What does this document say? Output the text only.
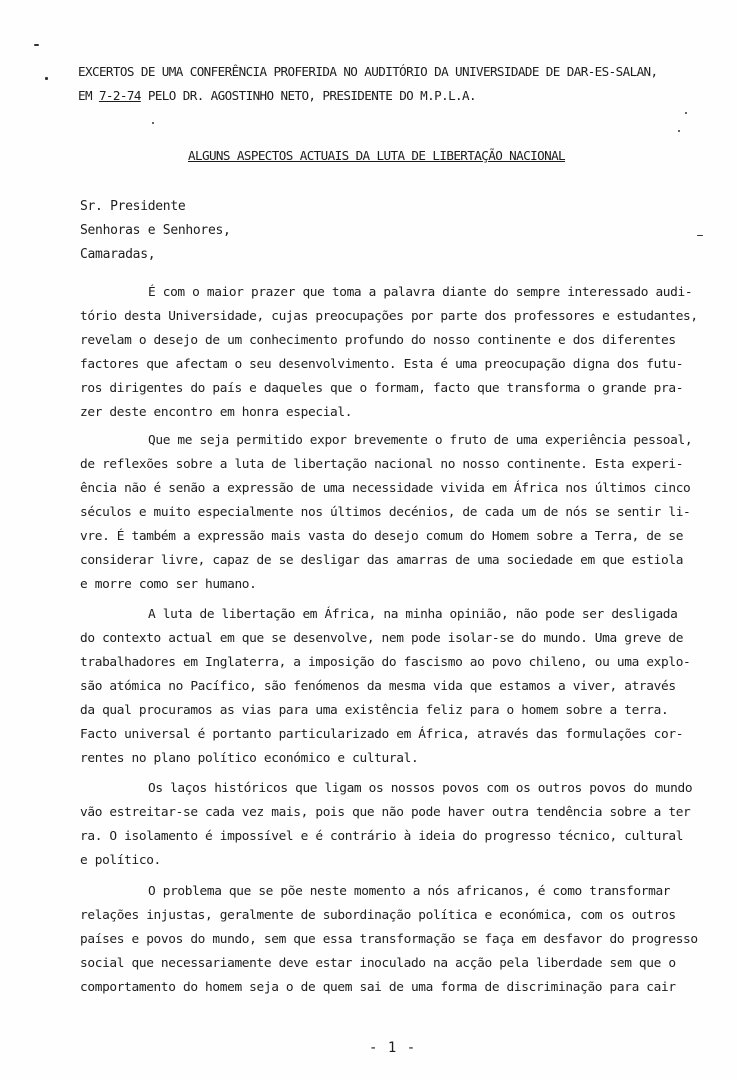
EXCERTOS DE UMA CONFERÊNCIA PROFERIDA NO AUDITÓRIO DA UNIVERSIDADE DE DAR-ES-SALAN,
EM 7-2-74 PELO DR. AGOSTINHO NETO, PRESIDENTE DO M.P.L.A.
ALGUNS ASPECTOS ACTUAIS DA LUTA DE LIBERTAÇÃO NACIONAL
Sr. Presidente
Senhoras e Senhores,
Camaradas,
É com o maior prazer que toma a palavra diante do sempre interessado audi-
tório desta Universidade, cujas preocupações por parte dos professores e estudantes,
revelam o desejo de um conhecimento profundo do nosso continente e dos diferentes
factores que afectam o seu desenvolvimento. Esta é uma preocupação digna dos futu-
ros dirigentes do país e daqueles que o formam, facto que transforma o grande pra-
zer deste encontro em honra especial.
Que me seja permitido expor brevemente o fruto de uma experiência pessoal,
de reflexões sobre a luta de libertação nacional no nosso continente. Esta experi-
ência não é senão a expressão de uma necessidade vivida em África nos últimos cinco
séculos e muito especialmente nos últimos decénios, de cada um de nós se sentir li-
vre. É também a expressão mais vasta do desejo comum do Homem sobre a Terra, de se
considerar livre, capaz de se desligar das amarras de uma sociedade em que estiola
e morre como ser humano.
A luta de libertação em África, na minha opinião, não pode ser desligada
do contexto actual em que se desenvolve, nem pode isolar-se do mundo. Uma greve de
trabalhadores em Inglaterra, a imposição do fascismo ao povo chileno, ou uma explo-
são atómica no Pacífico, são fenómenos da mesma vida que estamos a viver, através
da qual procuramos as vias para uma existência feliz para o homem sobre a terra.
Facto universal é portanto particularizado em África, através das formulações cor-
rentes no plano político económico e cultural.
Os laços históricos que ligam os nossos povos com os outros povos do mundo
vão estreitar-se cada vez mais, pois que não pode haver outra tendência sobre a ter
ra. O isolamento é impossível e é contrário à ideia do progresso técnico, cultural
e político.
O problema que se põe neste momento a nós africanos, é como transformar
relações injustas, geralmente de subordinação política e económica, com os outros
países e povos do mundo, sem que essa transformação se faça em desfavor do progresso
social que necessariamente deve estar inoculado na acção pela liberdade sem que o
comportamento do homem seja o de quem sai de uma forma de discriminação para cair
- 1 -
